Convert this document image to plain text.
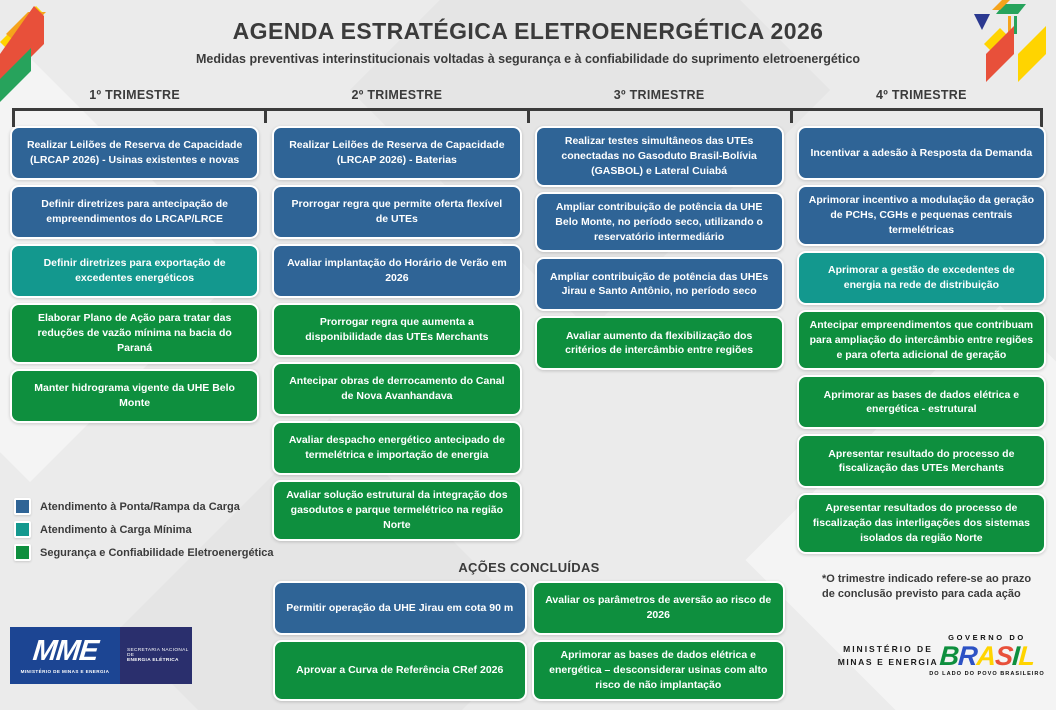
AGENDA ESTRATÉGICA ELETROENERGÉTICA 2026
Medidas preventivas interinstitucionais voltadas à segurança e à confiabilidade do suprimento eletroenergético
1º TRIMESTRE	2º TRIMESTRE	3º TRIMESTRE	4º TRIMESTRE
Realizar Leilões de Reserva de Capacidade (LRCAP 2026) - Usinas existentes e novas
Definir diretrizes para antecipação de empreendimentos do LRCAP/LRCE
Definir diretrizes para exportação de excedentes energéticos
Elaborar Plano de Ação para tratar das reduções de vazão mínima na bacia do Paraná
Manter hidrograma vigente da UHE Belo Monte
Realizar Leilões de Reserva de Capacidade (LRCAP 2026) - Baterias
Prorrogar regra que permite oferta flexível de UTEs
Avaliar implantação do Horário de Verão em 2026
Prorrogar regra que aumenta a disponibilidade das UTEs Merchants
Antecipar obras de derrocamento do Canal de Nova Avanhandava
Avaliar despacho energético antecipado de termelétrica e importação de energia
Avaliar solução estrutural da integração dos gasodutos e parque termelétrico na região Norte
Realizar testes simultâneos das UTEs conectadas no Gasoduto Brasil-Bolívia (GASBOL) e Lateral Cuiabá
Ampliar contribuição de potência da UHE Belo Monte, no período seco, utilizando o reservatório intermediário
Ampliar contribuição de potência das UHEs Jirau e Santo Antônio, no período seco
Avaliar aumento da flexibilização dos critérios de intercâmbio entre regiões
Incentivar a adesão à Resposta da Demanda
Aprimorar incentivo a modulação da geração de PCHs, CGHs e pequenas centrais termelétricas
Aprimorar a gestão de excedentes de energia na rede de distribuição
Antecipar empreendimentos que contribuam para ampliação do intercâmbio entre regiões e para oferta adicional de geração
Aprimorar as bases de dados elétrica e energética - estrutural
Apresentar resultado do processo de fiscalização das UTEs Merchants
Apresentar resultados do processo de fiscalização das interligações dos sistemas isolados da região Norte
Atendimento à Ponta/Rampa da Carga
Atendimento à Carga Mínima
Segurança e Confiabilidade Eletroenergética
AÇÕES CONCLUÍDAS
Permitir operação da UHE Jirau em cota 90 m
Avaliar os parâmetros de aversão ao risco de 2026
Aprovar a Curva de Referência CRef 2026
Aprimorar as bases de dados elétrica e energética – desconsiderar usinas com alto risco de não implantação
*O trimestre indicado refere-se ao prazo
de conclusão previsto para cada ação
MME
MINISTÉRIO DE MINAS E ENERGIA
SECRETARIA NACIONAL DE
ENERGIA ELÉTRICA
MINISTÉRIO DE
MINAS E ENERGIA
GOVERNO DO
BRASIL
DO LADO DO POVO BRASILEIRO
